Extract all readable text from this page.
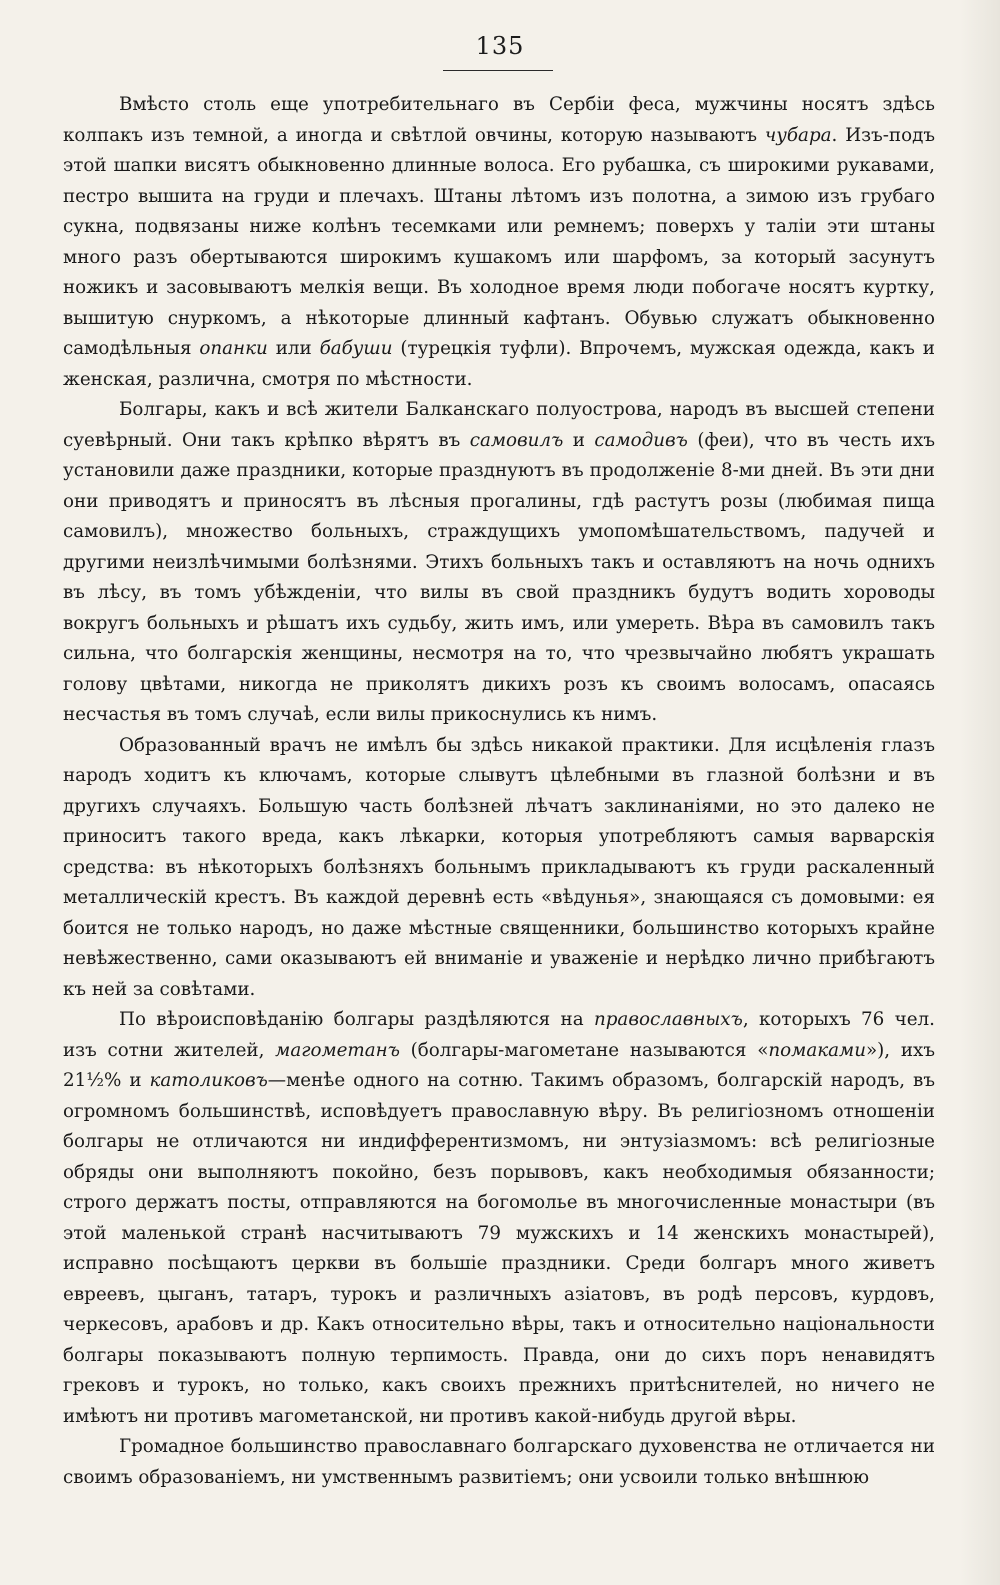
135

Вмѣсто столь еще употребительнаго въ Сербіи феса, мужчины носятъ здѣсь колпакъ изъ темной, а иногда и свѣтлой овчины, которую называютъ чубара. Изъ-подъ этой шапки висятъ обыкновенно длинные волоса. Его рубашка, съ широкими рукавами, пестро вышита на груди и плечахъ. Штаны лѣтомъ изъ полотна, а зимою изъ грубаго сукна, подвязаны ниже колѣнъ тесемками или ремнемъ; поверхъ у таліи эти штаны много разъ обертываются широкимъ кушакомъ или шарфомъ, за который засунутъ ножикъ и засовываютъ мелкія вещи. Въ холодное время люди побогаче носятъ куртку, вышитую снуркомъ, а нѣкоторые длинный кафтанъ. Обувью служатъ обыкновенно самодѣльныя опанки или бабуши (турецкія туфли). Впрочемъ, мужская одежда, какъ и женская, различна, смотря по мѣстности.

Болгары, какъ и всѣ жители Балканскаго полуострова, народъ въ высшей степени суевѣрный. Они такъ крѣпко вѣрятъ въ самовилъ и самодивъ (феи), что въ честь ихъ установили даже праздники, которые празднуютъ въ продолженіе 8-ми дней. Въ эти дни они приводятъ и приносятъ въ лѣсныя прогалины, гдѣ растутъ розы (любимая пища самовилъ), множество больныхъ, страждущихъ умопомѣшательствомъ, падучей и другими неизлѣчимыми болѣзнями. Этихъ больныхъ такъ и оставляютъ на ночь однихъ въ лѣсу, въ томъ убѣжденіи, что вилы въ свой праздникъ будутъ водить хороводы вокругъ больныхъ и рѣшатъ ихъ судьбу, жить имъ, или умереть. Вѣра въ самовилъ такъ сильна, что болгарскія женщины, несмотря на то, что чрезвычайно любятъ украшать голову цвѣтами, никогда не приколятъ дикихъ розъ къ своимъ волосамъ, опасаясь несчастья въ томъ случаѣ, если вилы прикоснулись къ нимъ.

Образованный врачъ не имѣлъ бы здѣсь никакой практики. Для исцѣленія глазъ народъ ходитъ къ ключамъ, которые слывутъ цѣлебными въ глазной болѣзни и въ другихъ случаяхъ. Большую часть болѣзней лѣчатъ заклинаніями, но это далеко не приноситъ такого вреда, какъ лѣкарки, которыя употребляютъ самыя варварскія средства: въ нѣкоторыхъ болѣзняхъ больнымъ прикладываютъ къ груди раскаленный металлическій крестъ. Въ каждой деревнѣ есть «вѣдунья», знающаяся съ домовыми: ея боится не только народъ, но даже мѣстные священники, большинство которыхъ крайне невѣжественно, сами оказываютъ ей вниманіе и уваженіе и нерѣдко лично прибѣгаютъ къ ней за совѣтами.

По вѣроисповѣданію болгары раздѣляются на православныхъ, которыхъ 76 чел. изъ сотни жителей, магометанъ (болгары-магометане называются «помаками»), ихъ 21½% и католиковъ—менѣе одного на сотню. Такимъ образомъ, болгарскій народъ, въ огромномъ большинствѣ, исповѣдуетъ православную вѣру. Въ религіозномъ отношеніи болгары не отличаются ни индифферентизмомъ, ни энтузіазмомъ: всѣ религіозные обряды они выполняютъ покойно, безъ порывовъ, какъ необходимыя обязанности; строго держатъ посты, отправляются на богомолье въ многочисленные монастыри (въ этой маленькой странѣ насчитываютъ 79 мужскихъ и 14 женскихъ монастырей), исправно посѣщаютъ церкви въ большіе праздники. Среди болгаръ много живетъ евреевъ, цыганъ, татаръ, турокъ и различныхъ азіатовъ, въ родѣ персовъ, курдовъ, черкесовъ, арабовъ и др. Какъ относительно вѣры, такъ и относительно національности болгары показываютъ полную терпимость. Правда, они до сихъ поръ ненавидятъ грековъ и турокъ, но только, какъ своихъ прежнихъ притѣснителей, но ничего не имѣютъ ни противъ магометанской, ни противъ какой-нибудь другой вѣры.

Громадное большинство православнаго болгарскаго духовенства не отличается ни своимъ образованіемъ, ни умственнымъ развитіемъ; они усвоили только внѣшнюю
